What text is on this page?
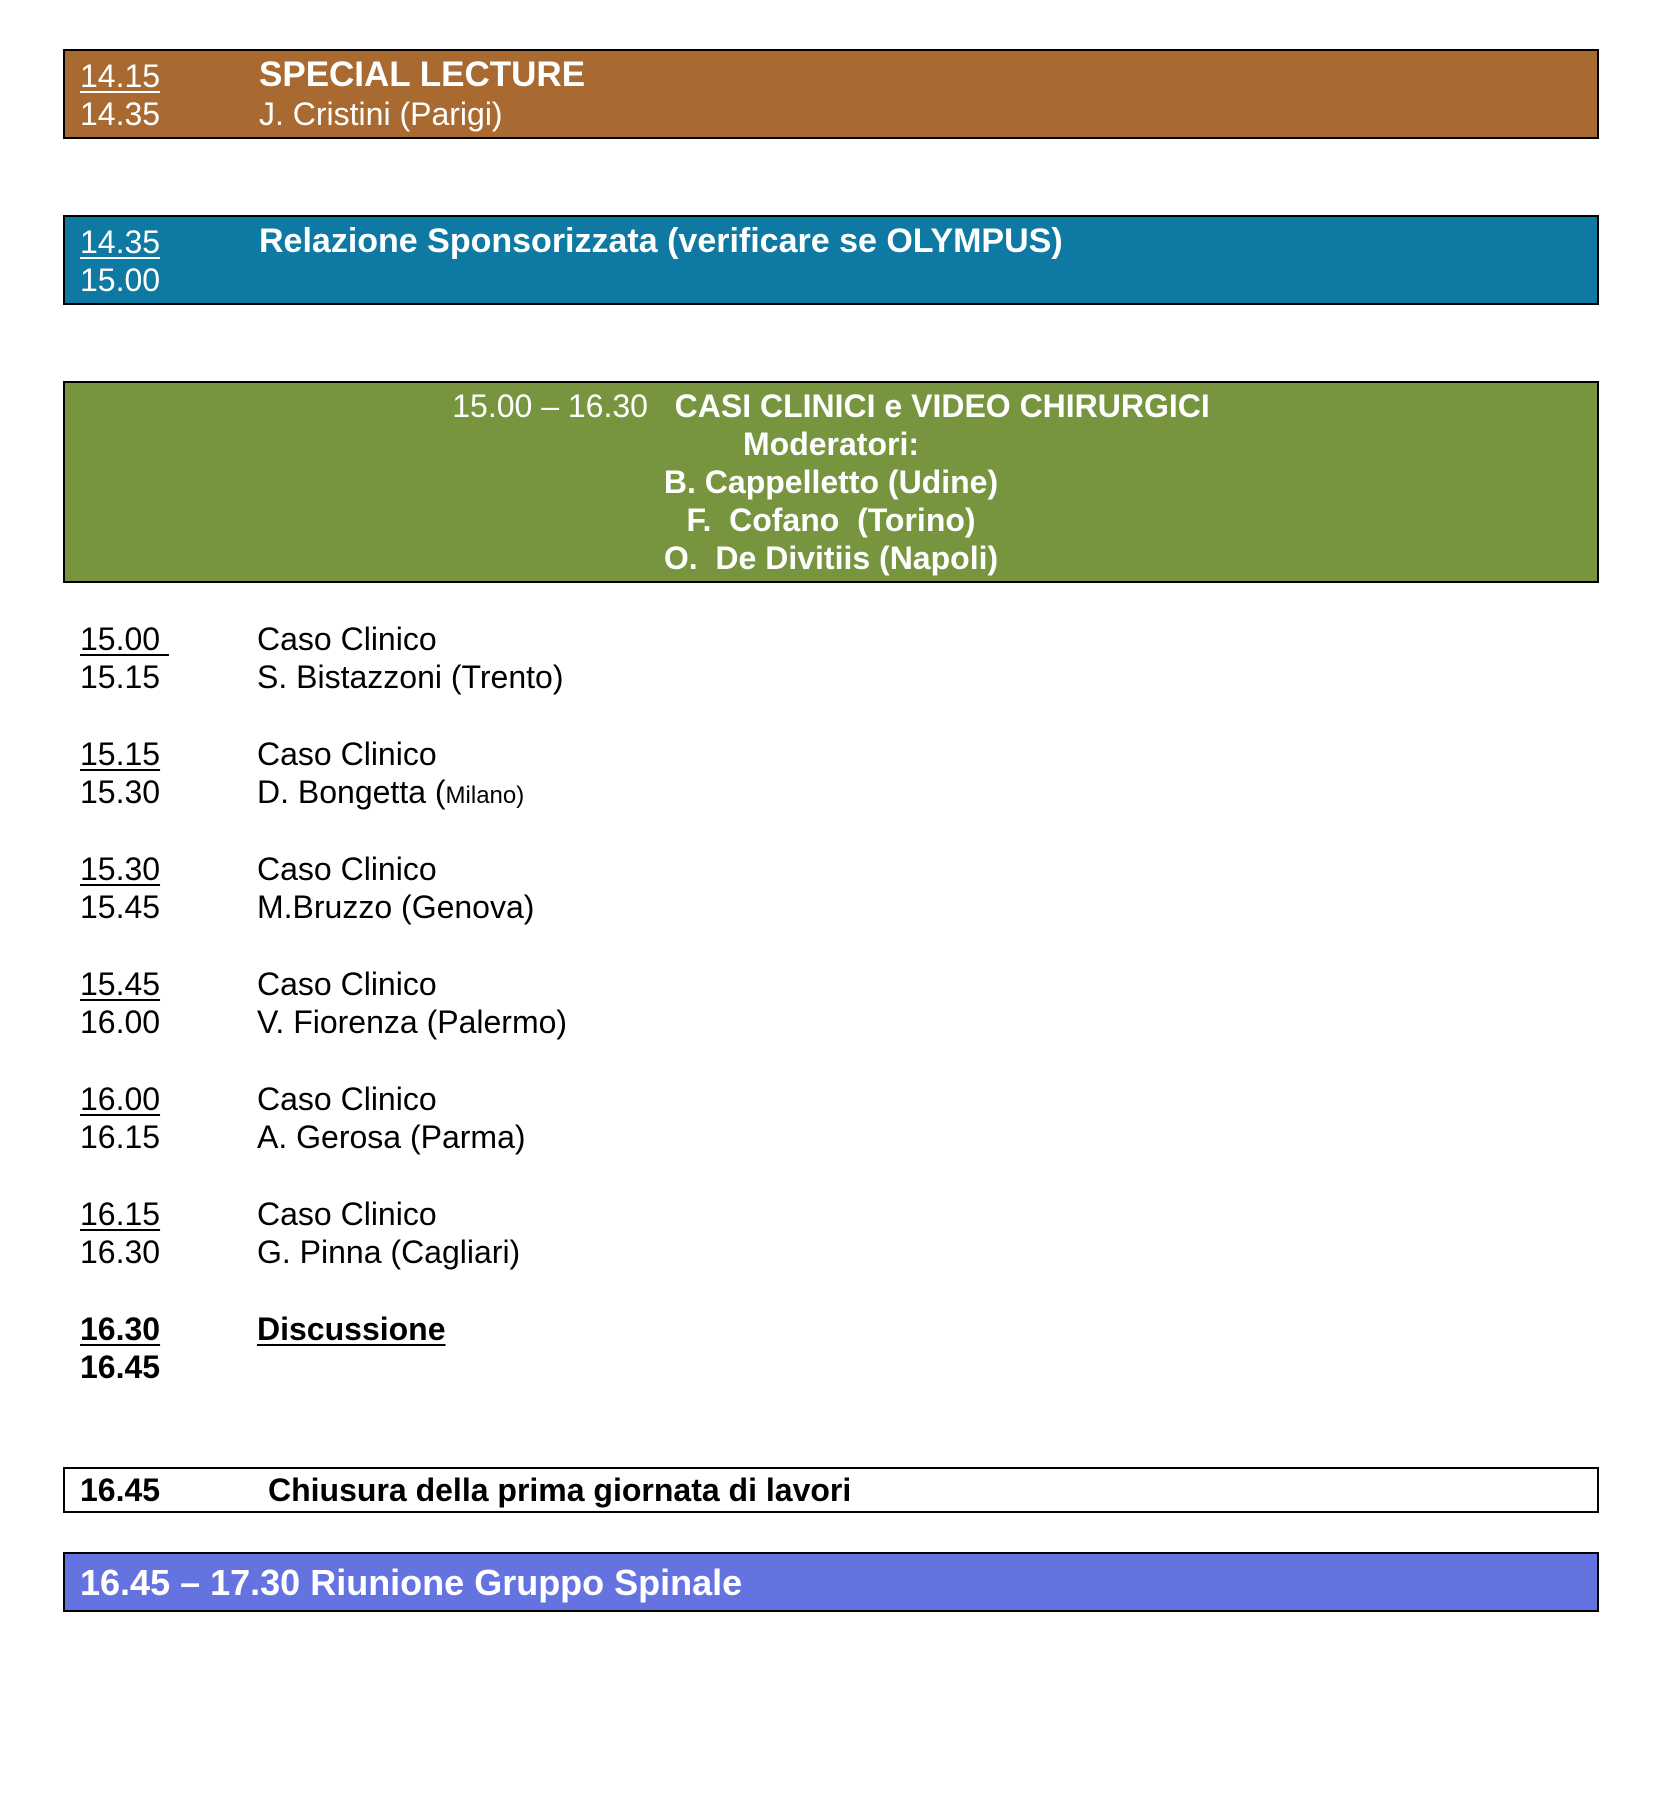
14.15
14.35
SPECIAL LECTURE
J. Cristini (Parigi)
14.35
15.00
Relazione Sponsorizzata (verificare se OLYMPUS)
15.00 – 16.30 CASI CLINICI e VIDEO CHIRURGICI
Moderatori:
B. Cappelletto (Udine)
F.  Cofano  (Torino)
O.  De Divitiis (Napoli)
15.00
15.15
Caso Clinico
S. Bistazzoni (Trento)
15.15
15.30
Caso Clinico
D. Bongetta (Milano)
15.30
15.45
Caso Clinico
M.Bruzzo (Genova)
15.45
16.00
Caso Clinico
V. Fiorenza (Palermo)
16.00
16.15
Caso Clinico
A. Gerosa (Parma)
16.15
16.30
Caso Clinico
G. Pinna (Cagliari)
16.30
16.45
Discussione
16.45	Chiusura della prima giornata di lavori
16.45 – 17.30 Riunione Gruppo Spinale
